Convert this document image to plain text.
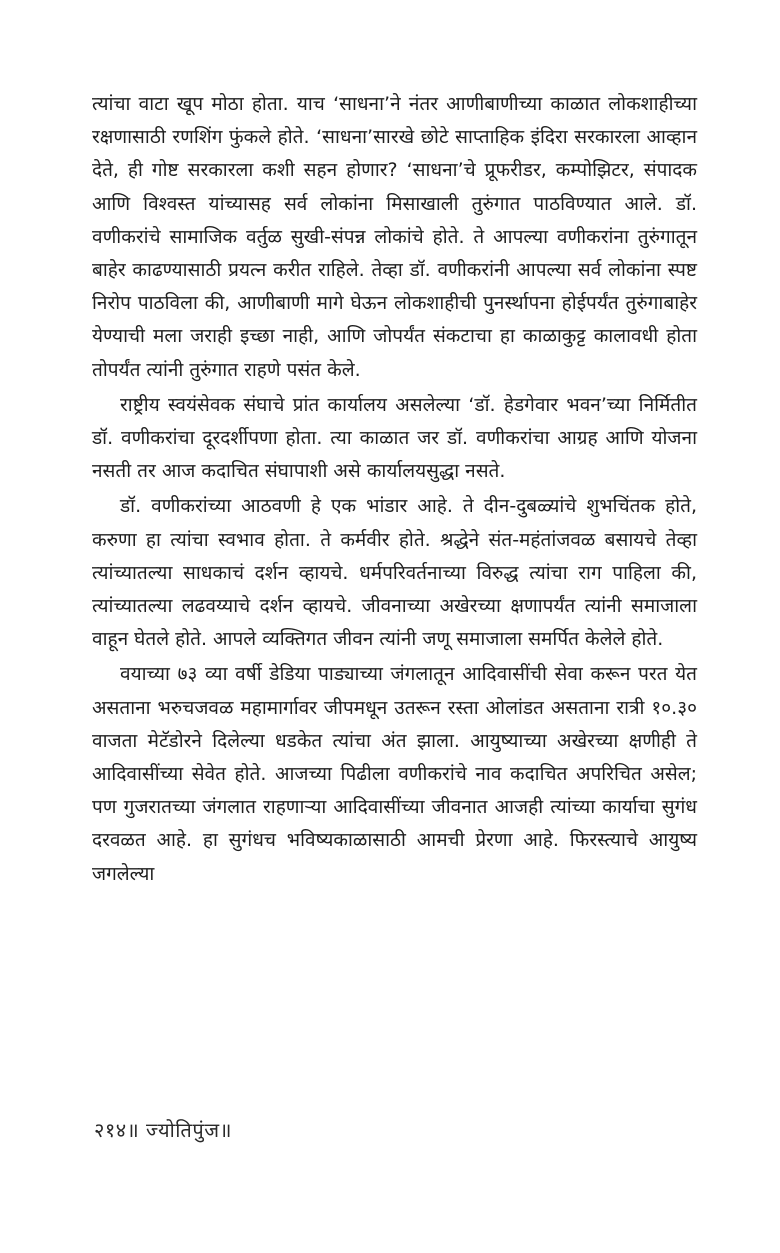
त्यांचा वाटा खूप मोठा होता. याच ‘साधना’ने नंतर आणीबाणीच्या काळात लोकशाहीच्या रक्षणासाठी रणशिंग फुंकले होते. ‘साधना’सारखे छोटे साप्ताहिक इंदिरा सरकारला आव्हान देते, ही गोष्ट सरकारला कशी सहन होणार? ‘साधना’चे प्रूफरीडर, कम्पोझिटर, संपादक आणि विश्वस्त यांच्यासह सर्व लोकांना मिसाखाली तुरुंगात पाठविण्यात आले. डॉ. वणीकरांचे सामाजिक वर्तुळ सुखी-संपन्न लोकांचे होते. ते आपल्या वणीकरांना तुरुंगातून बाहेर काढण्यासाठी प्रयत्न करीत राहिले. तेव्हा डॉ. वणीकरांनी आपल्या सर्व लोकांना स्पष्ट निरोप पाठविला की, आणीबाणी मागे घेऊन लोकशाहीची पुनर्स्थापना होईपर्यंत तुरुंगाबाहेर येण्याची मला जराही इच्छा नाही, आणि जोपर्यंत संकटाचा हा काळाकुट्ट कालावधी होता तोपर्यंत त्यांनी तुरुंगात राहणे पसंत केले.

राष्ट्रीय स्वयंसेवक संघाचे प्रांत कार्यालय असलेल्या ‘डॉ. हेडगेवार भवन’च्या निर्मितीत डॉ. वणीकरांचा दूरदर्शीपणा होता. त्या काळात जर डॉ. वणीकरांचा आग्रह आणि योजना नसती तर आज कदाचित संघापाशी असे कार्यालयसुद्धा नसते.

डॉ. वणीकरांच्या आठवणी हे एक भांडार आहे. ते दीन-दुबळ्यांचे शुभचिंतक होते, करुणा हा त्यांचा स्वभाव होता. ते कर्मवीर होते. श्रद्धेने संत-महंतांजवळ बसायचे तेव्हा त्यांच्यातल्या साधकाचं दर्शन व्हायचे. धर्मपरिवर्तनाच्या विरुद्ध त्यांचा राग पाहिला की, त्यांच्यातल्या लढवय्याचे दर्शन व्हायचे. जीवनाच्या अखेरच्या क्षणापर्यंत त्यांनी समाजाला वाहून घेतले होते. आपले व्यक्तिगत जीवन त्यांनी जणू समाजाला समर्पित केलेले होते.

वयाच्या ७३ व्या वर्षी डेडिया पाड्याच्या जंगलातून आदिवासींची सेवा करून परत येत असताना भरुचजवळ महामार्गावर जीपमधून उतरून रस्ता ओलांडत असताना रात्री १०.३० वाजता मेटॅडोरने दिलेल्या धडकेत त्यांचा अंत झाला. आयुष्याच्या अखेरच्या क्षणीही ते आदिवासींच्या सेवेत होते. आजच्या पिढीला वणीकरांचे नाव कदाचित अपरिचित असेल; पण गुजरातच्या जंगलात राहणाऱ्या आदिवासींच्या जीवनात आजही त्यांच्या कार्याचा सुगंध दरवळत आहे. हा सुगंधच भविष्यकाळासाठी आमची प्रेरणा आहे. फिरस्त्याचे आयुष्य जगलेल्या

२१४॥ ज्योतिपुंज॥
